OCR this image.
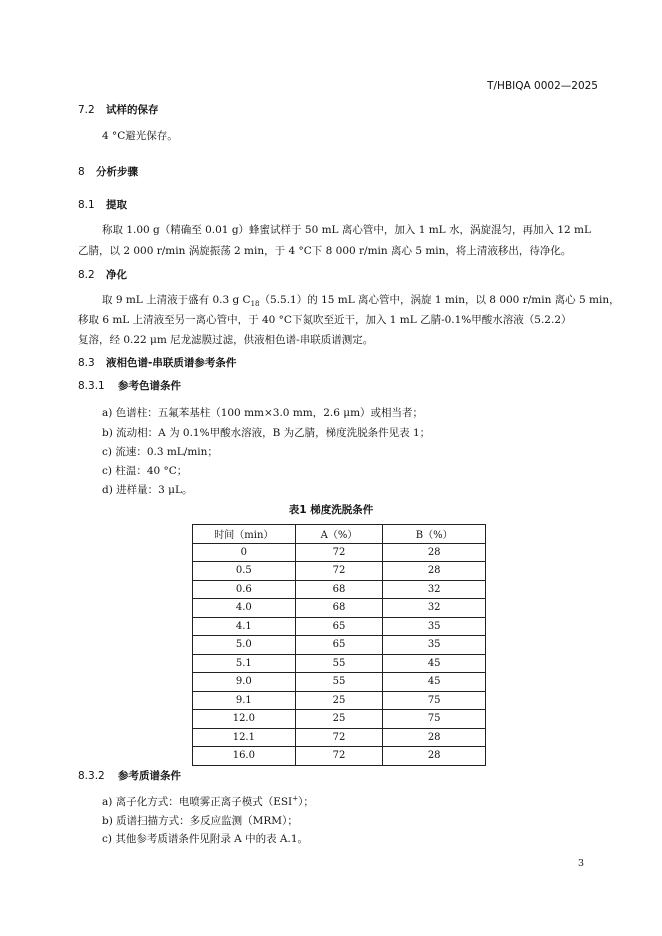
T/HBIQA 0002—2025
7.2 试样的保存
4 °C避光保存。
8 分析步骤
8.1 提取
称取 1.00 g（精确至 0.01 g）蜂蜜试样于 50 mL 离心管中，加入 1 mL 水，涡旋混匀，再加入 12 mL
乙腈，以 2 000 r/min 涡旋振荡 2 min，于 4 °C下 8 000 r/min 离心 5 min，将上清液移出，待净化。
8.2 净化
取 9 mL 上清液于盛有 0.3 g $C_{18}(5.5.1)$的 15 mL 离心管中，涡旋 1 min，以 8 000 r/min 离心 5 min，
移取 6 mL 上清液至另一离心管中，于 40 °C下氮吹至近干，加入 1 mL 乙腈-0.1%甲酸水溶液（5.2.2）
复溶，经 0.22 μm 尼龙滤膜过滤，供液相色谱-串联质谱测定。
8.3 液相色谱-串联质谱参考条件
8.3.1 参考色谱条件
a) 色谱柱：五氟苯基柱（100 mm×3.0 mm，2.6 μm）或相当者；
b) 流动相：A 为 0.1%甲酸水溶液，B 为乙腈，梯度洗脱条件见表 1；
c) 流速：0.3 mL/min；
c) 柱温：40 °C；
d) 进样量：3 μL。
表1 梯度洗脱条件
时间（min）	A（%）	B（%）
0	72	28
0.5	72	28
0.6	68	32
4.0	68	32
4.1	65	35
5.0	65	35
5.1	55	45
9.0	55	45
9.1	25	75
12.0	25	75
12.1	72	28
16.0	72	28
8.3.2 参考质谱条件
a) 离子化方式：电喷雾正离子模式（ESI+）；
b) 质谱扫描方式：多反应监测（MRM）；
c) 其他参考质谱条件见附录 A 中的表 A.1。
3
